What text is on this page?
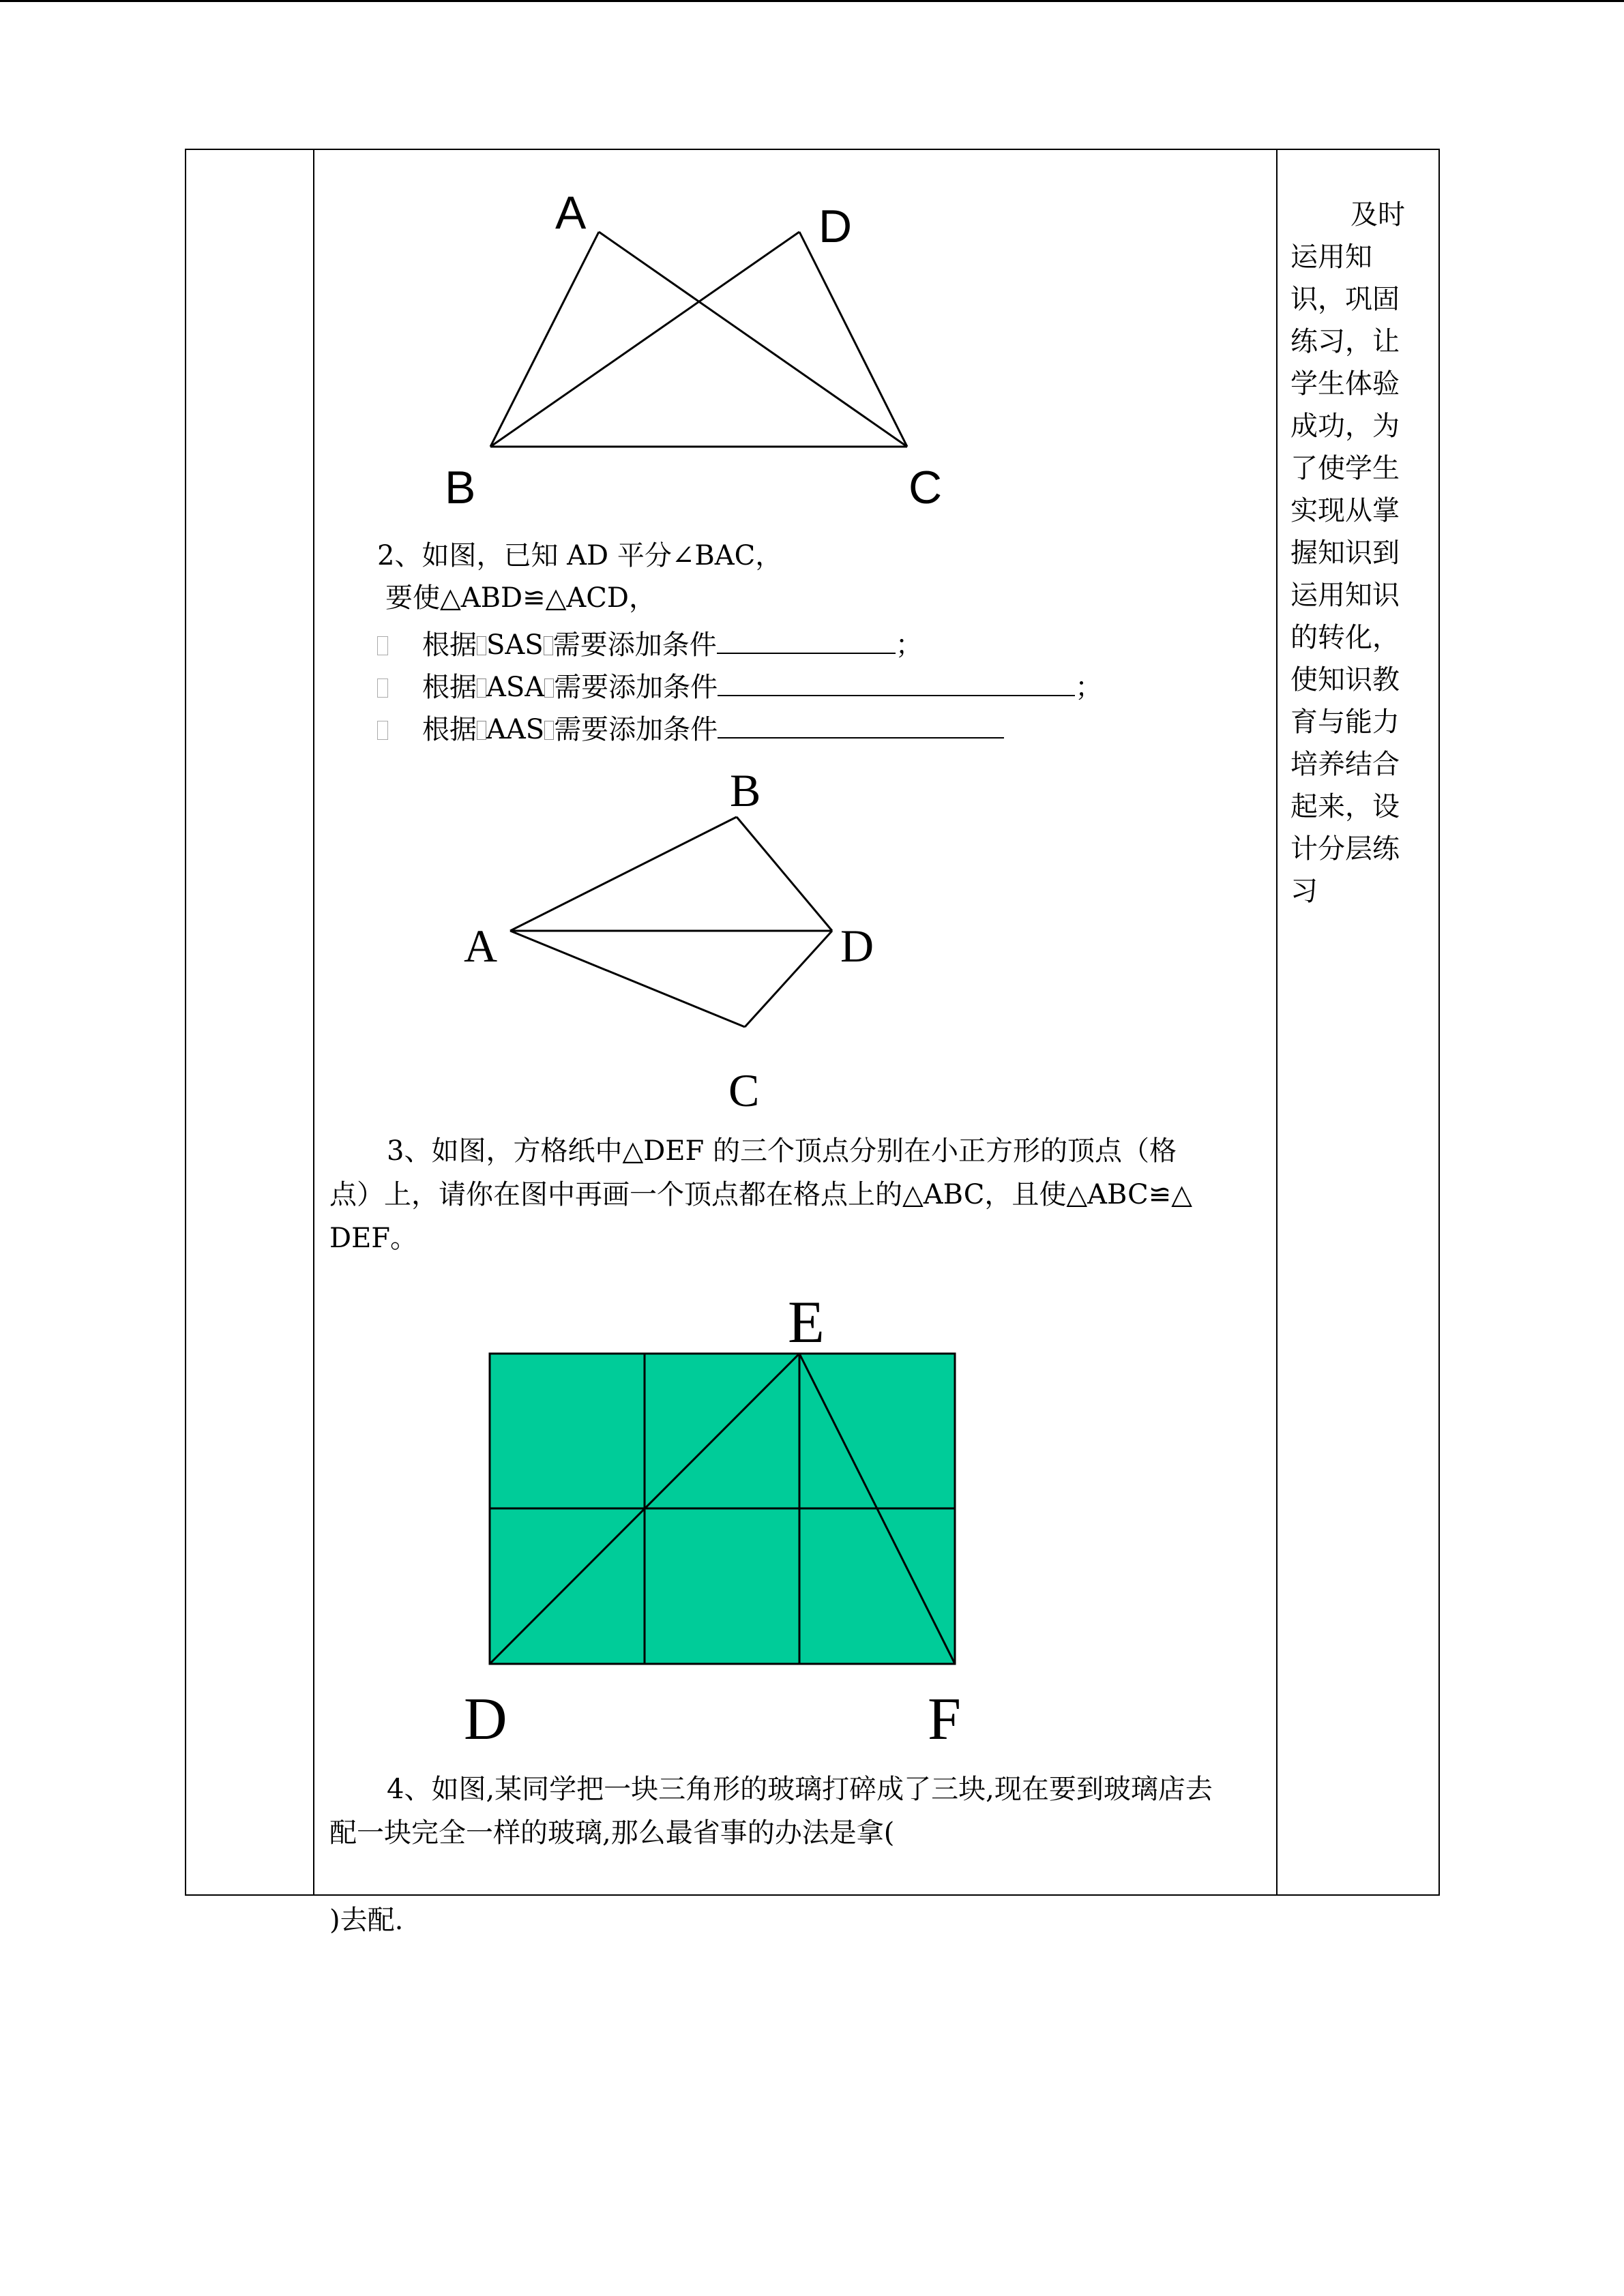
及时运用知识，巩固练习，让学生体验成功，为了使学生实现从掌握知识到运用知识的转化，使知识教育与能力培养结合起来，设计分层练习
A	D
B	C
2、如图，已知 AD 平分∠BAC，
要使△ABD≌△ACD，
根据 SAS 需要添加条件	；
根据 ASA 需要添加条件	；
根据 AAS 需要添加条件
B
A	D
C
3、如图，方格纸中△DEF 的三个顶点分别在小正方形的顶点（格
点）上，请你在图中再画一个顶点都在格点上的△ABC，且使△ABC≌△
DEF。
E
D	F
4、如图,某同学把一块三角形的玻璃打碎成了三块,现在要到玻璃店去
配一块完全一样的玻璃,那么最省事的办法是拿(
)去配.
